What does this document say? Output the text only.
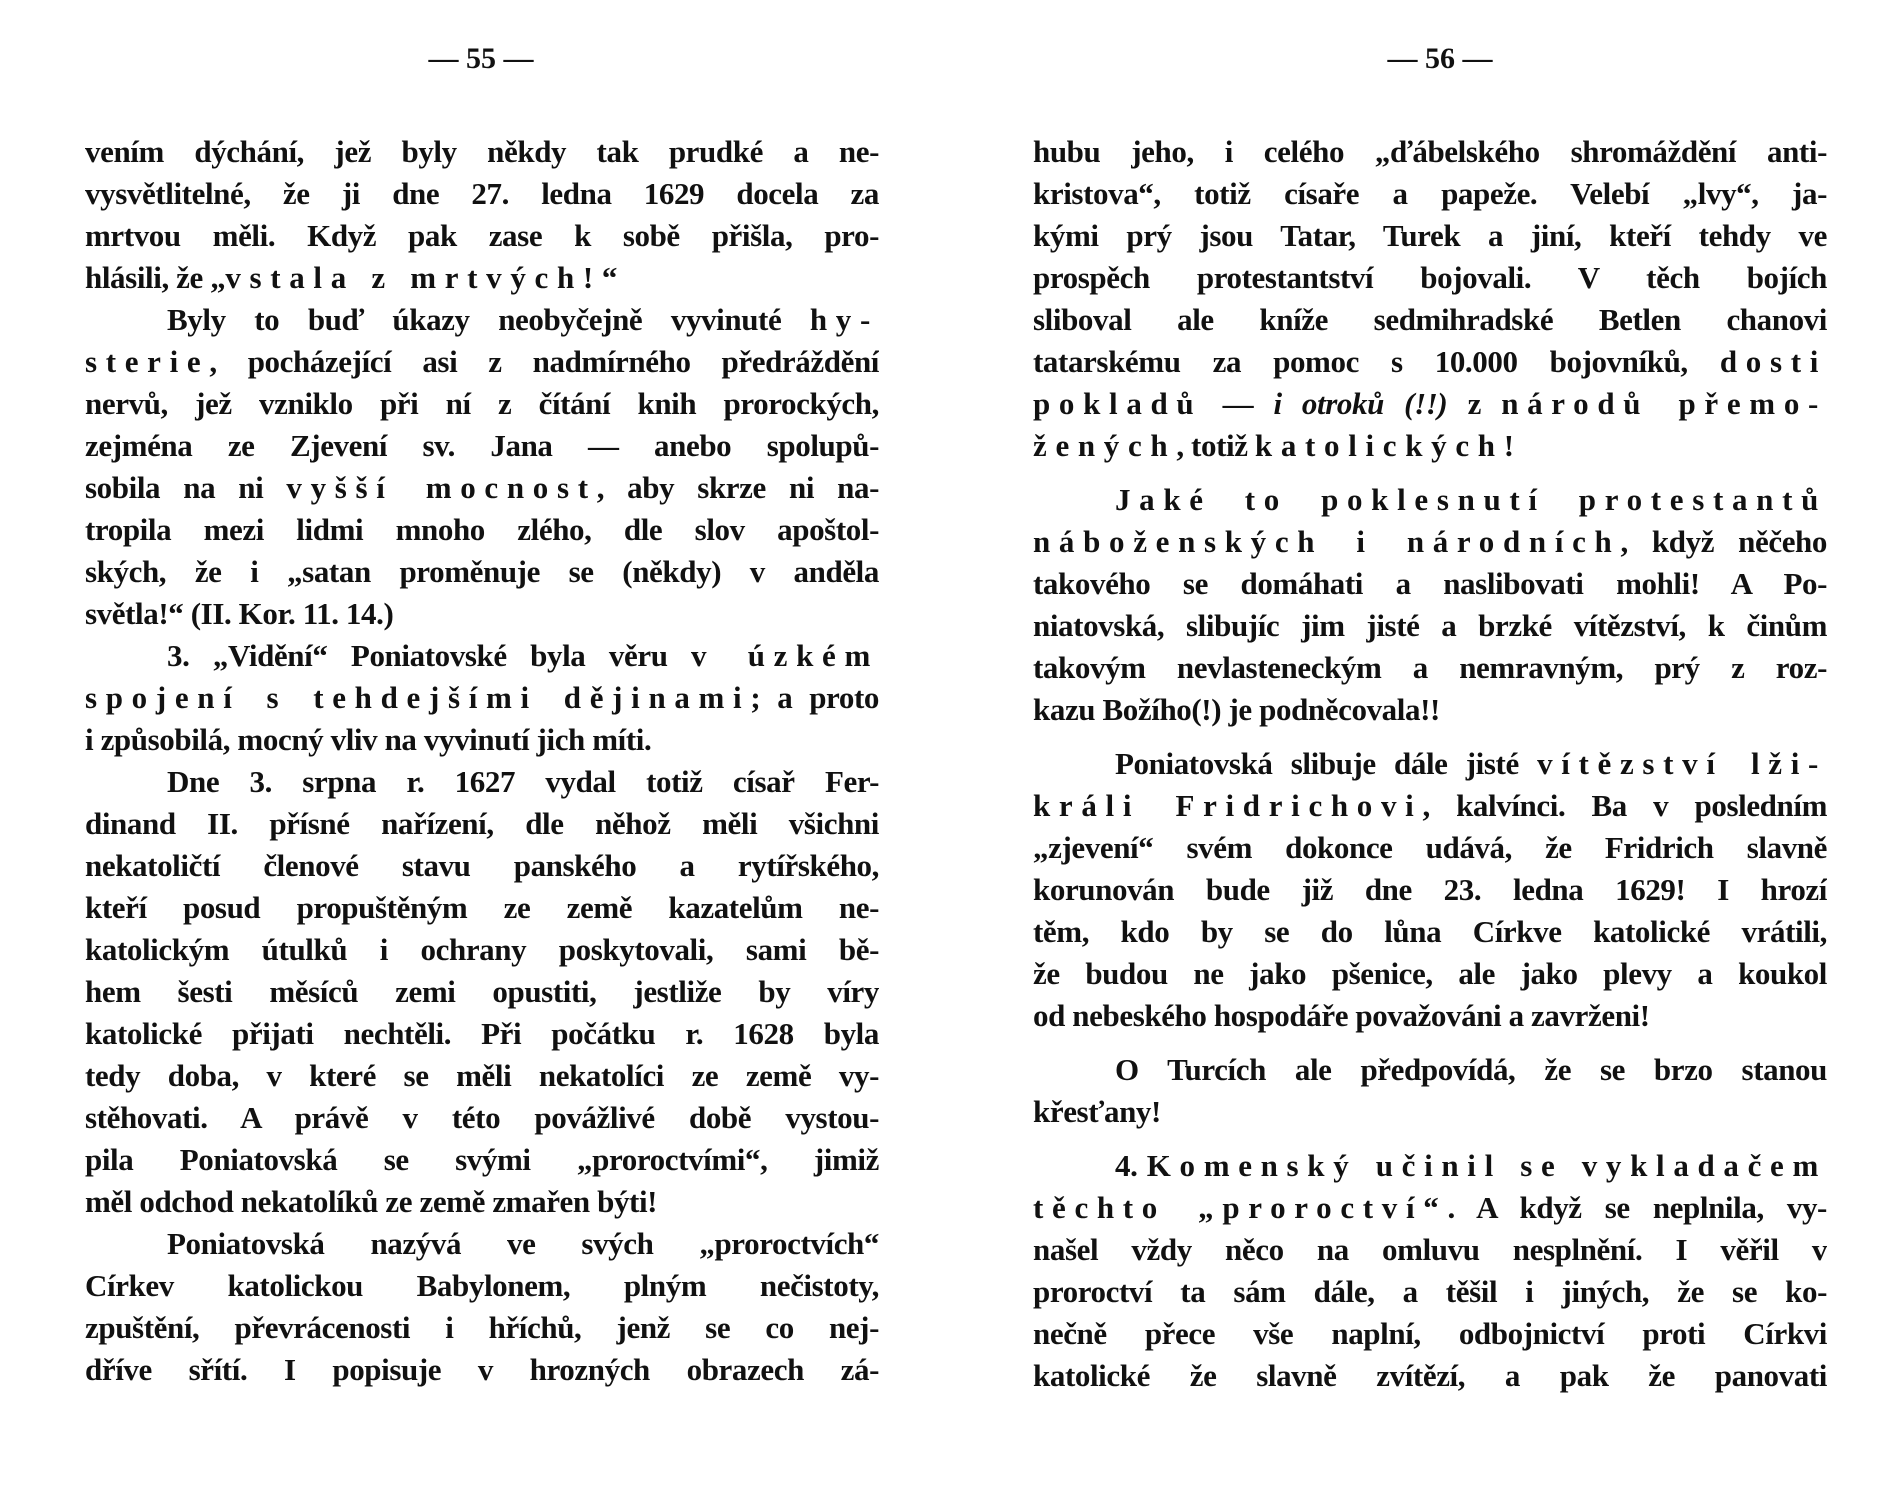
— 55 —	— 56 —
vením dýchání, jež byly někdy tak prudké a ne-
vysvětlitelné, že ji dne 27. ledna 1629 docela za
mrtvou měli. Když pak zase k sobě přišla, pro-
hlásili, že „vstala z mrtvých!“
Byly to buď úkazy neobyčejně vyvinuté hy-
sterie, pocházející asi z nadmírného předráždění
nervů, jež vzniklo při ní z čítání knih prorockých,
zejména ze Zjevení sv. Jana — anebo spolupů-
sobila na ni vyšší mocnost, aby skrze ni na-
tropila mezi lidmi mnoho zlého, dle slov apoštol-
ských, že i „satan proměnuje se (někdy) v anděla
světla!“ (II. Kor. 11. 14.)
3. „Vidění“ Poniatovské byla věru v úzkém
spojení s tehdejšími dějinami; a proto
i způsobilá, mocný vliv na vyvinutí jich míti.
Dne 3. srpna r. 1627 vydal totiž císař Fer-
dinand II. přísné nařízení, dle něhož měli všichni
nekatoličtí členové stavu panského a rytířského,
kteří posud propuštěným ze země kazatelům ne-
katolickým útulků i ochrany poskytovali, sami bě-
hem šesti měsíců zemi opustiti, jestliže by víry
katolické přijati nechtěli. Při počátku r. 1628 byla
tedy doba, v které se měli nekatolíci ze země vy-
stěhovati. A právě v této povážlivé době vystou-
pila Poniatovská se svými „proroctvími“, jimiž
měl odchod nekatolíků ze země zmařen býti!
Poniatovská nazývá ve svých „proroctvích“
Církev katolickou Babylonem, plným nečistoty,
zpuštění, převrácenosti i hříchů, jenž se co nej-
dříve sřítí. I popisuje v hrozných obrazech zá-
hubu jeho, i celého „ďábelského shromáždění anti-
kristova“, totiž císaře a papeže. Velebí „lvy“, ja-
kými prý jsou Tatar, Turek a jiní, kteří tehdy ve
prospěch protestantství bojovali. V těch bojích
sliboval ale kníže sedmihradské Betlen chanovi
tatarskému za pomoc s 10.000 bojovníků, dosti
pokladů — i otroků (!!) z národů přemo-
žených, totiž katolických!
Jaké to poklesnutí protestantů
náboženských i národních, když něčeho
takového se domáhati a naslibovati mohli! A Po-
niatovská, slibujíc jim jisté a brzké vítězství, k činům
takovým nevlasteneckým a nemravným, prý z roz-
kazu Božího(!) je podněcovala!!
Poniatovská slibuje dále jisté vítězství lži-
králi Fridrichovi, kalvínci. Ba v posledním
„zjevení“ svém dokonce udává, že Fridrich slavně
korunován bude již dne 23. ledna 1629! I hrozí
těm, kdo by se do lůna Církve katolické vrátili,
že budou ne jako pšenice, ale jako plevy a koukol
od nebeského hospodáře považováni a zavrženi!
O Turcích ale předpovídá, že se brzo stanou
křesťany!
4. Komenský učinil se vykladačem
těchto „proroctví“. A když se neplnila, vy-
našel vždy něco na omluvu nesplnění. I věřil v
proroctví ta sám dále, a těšil i jiných, že se ko-
nečně přece vše naplní, odbojnictví proti Církvi
katolické že slavně zvítězí, a pak že panovati
